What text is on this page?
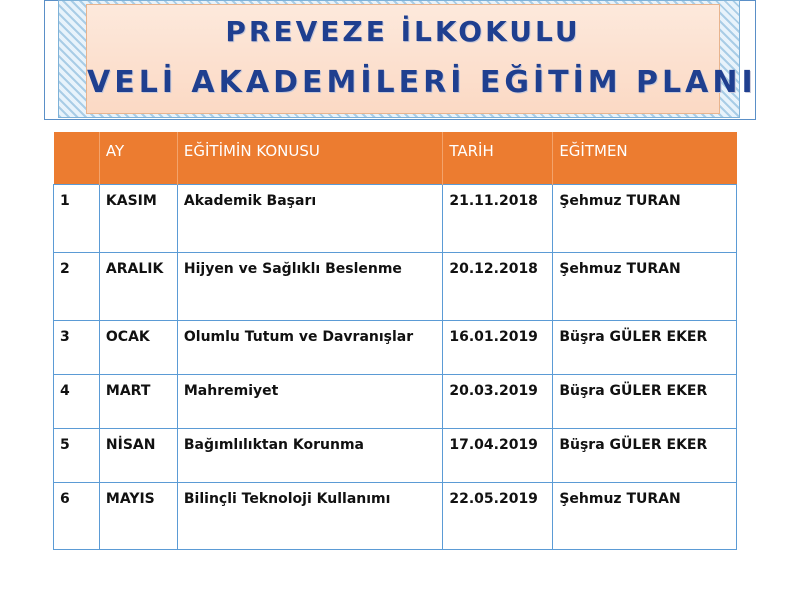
PREVEZE İLKOKULU
VELİ AKADEMİLERİ EĞİTİM PLANI
	AY	EĞİTİMİN KONUSU	TARİH	EĞİTMEN
1	KASIM	Akademik Başarı	21.11.2018	Şehmuz TURAN
2	ARALIK	Hijyen ve Sağlıklı Beslenme	20.12.2018	Şehmuz TURAN
3	OCAK	Olumlu Tutum ve Davranışlar	16.01.2019	Büşra GÜLER EKER
4	MART	Mahremiyet	20.03.2019	Büşra GÜLER EKER
5	NİSAN	Bağımlılıktan Korunma	17.04.2019	Büşra GÜLER EKER
6	MAYIS	Bilinçli Teknoloji Kullanımı	22.05.2019	Şehmuz TURAN
